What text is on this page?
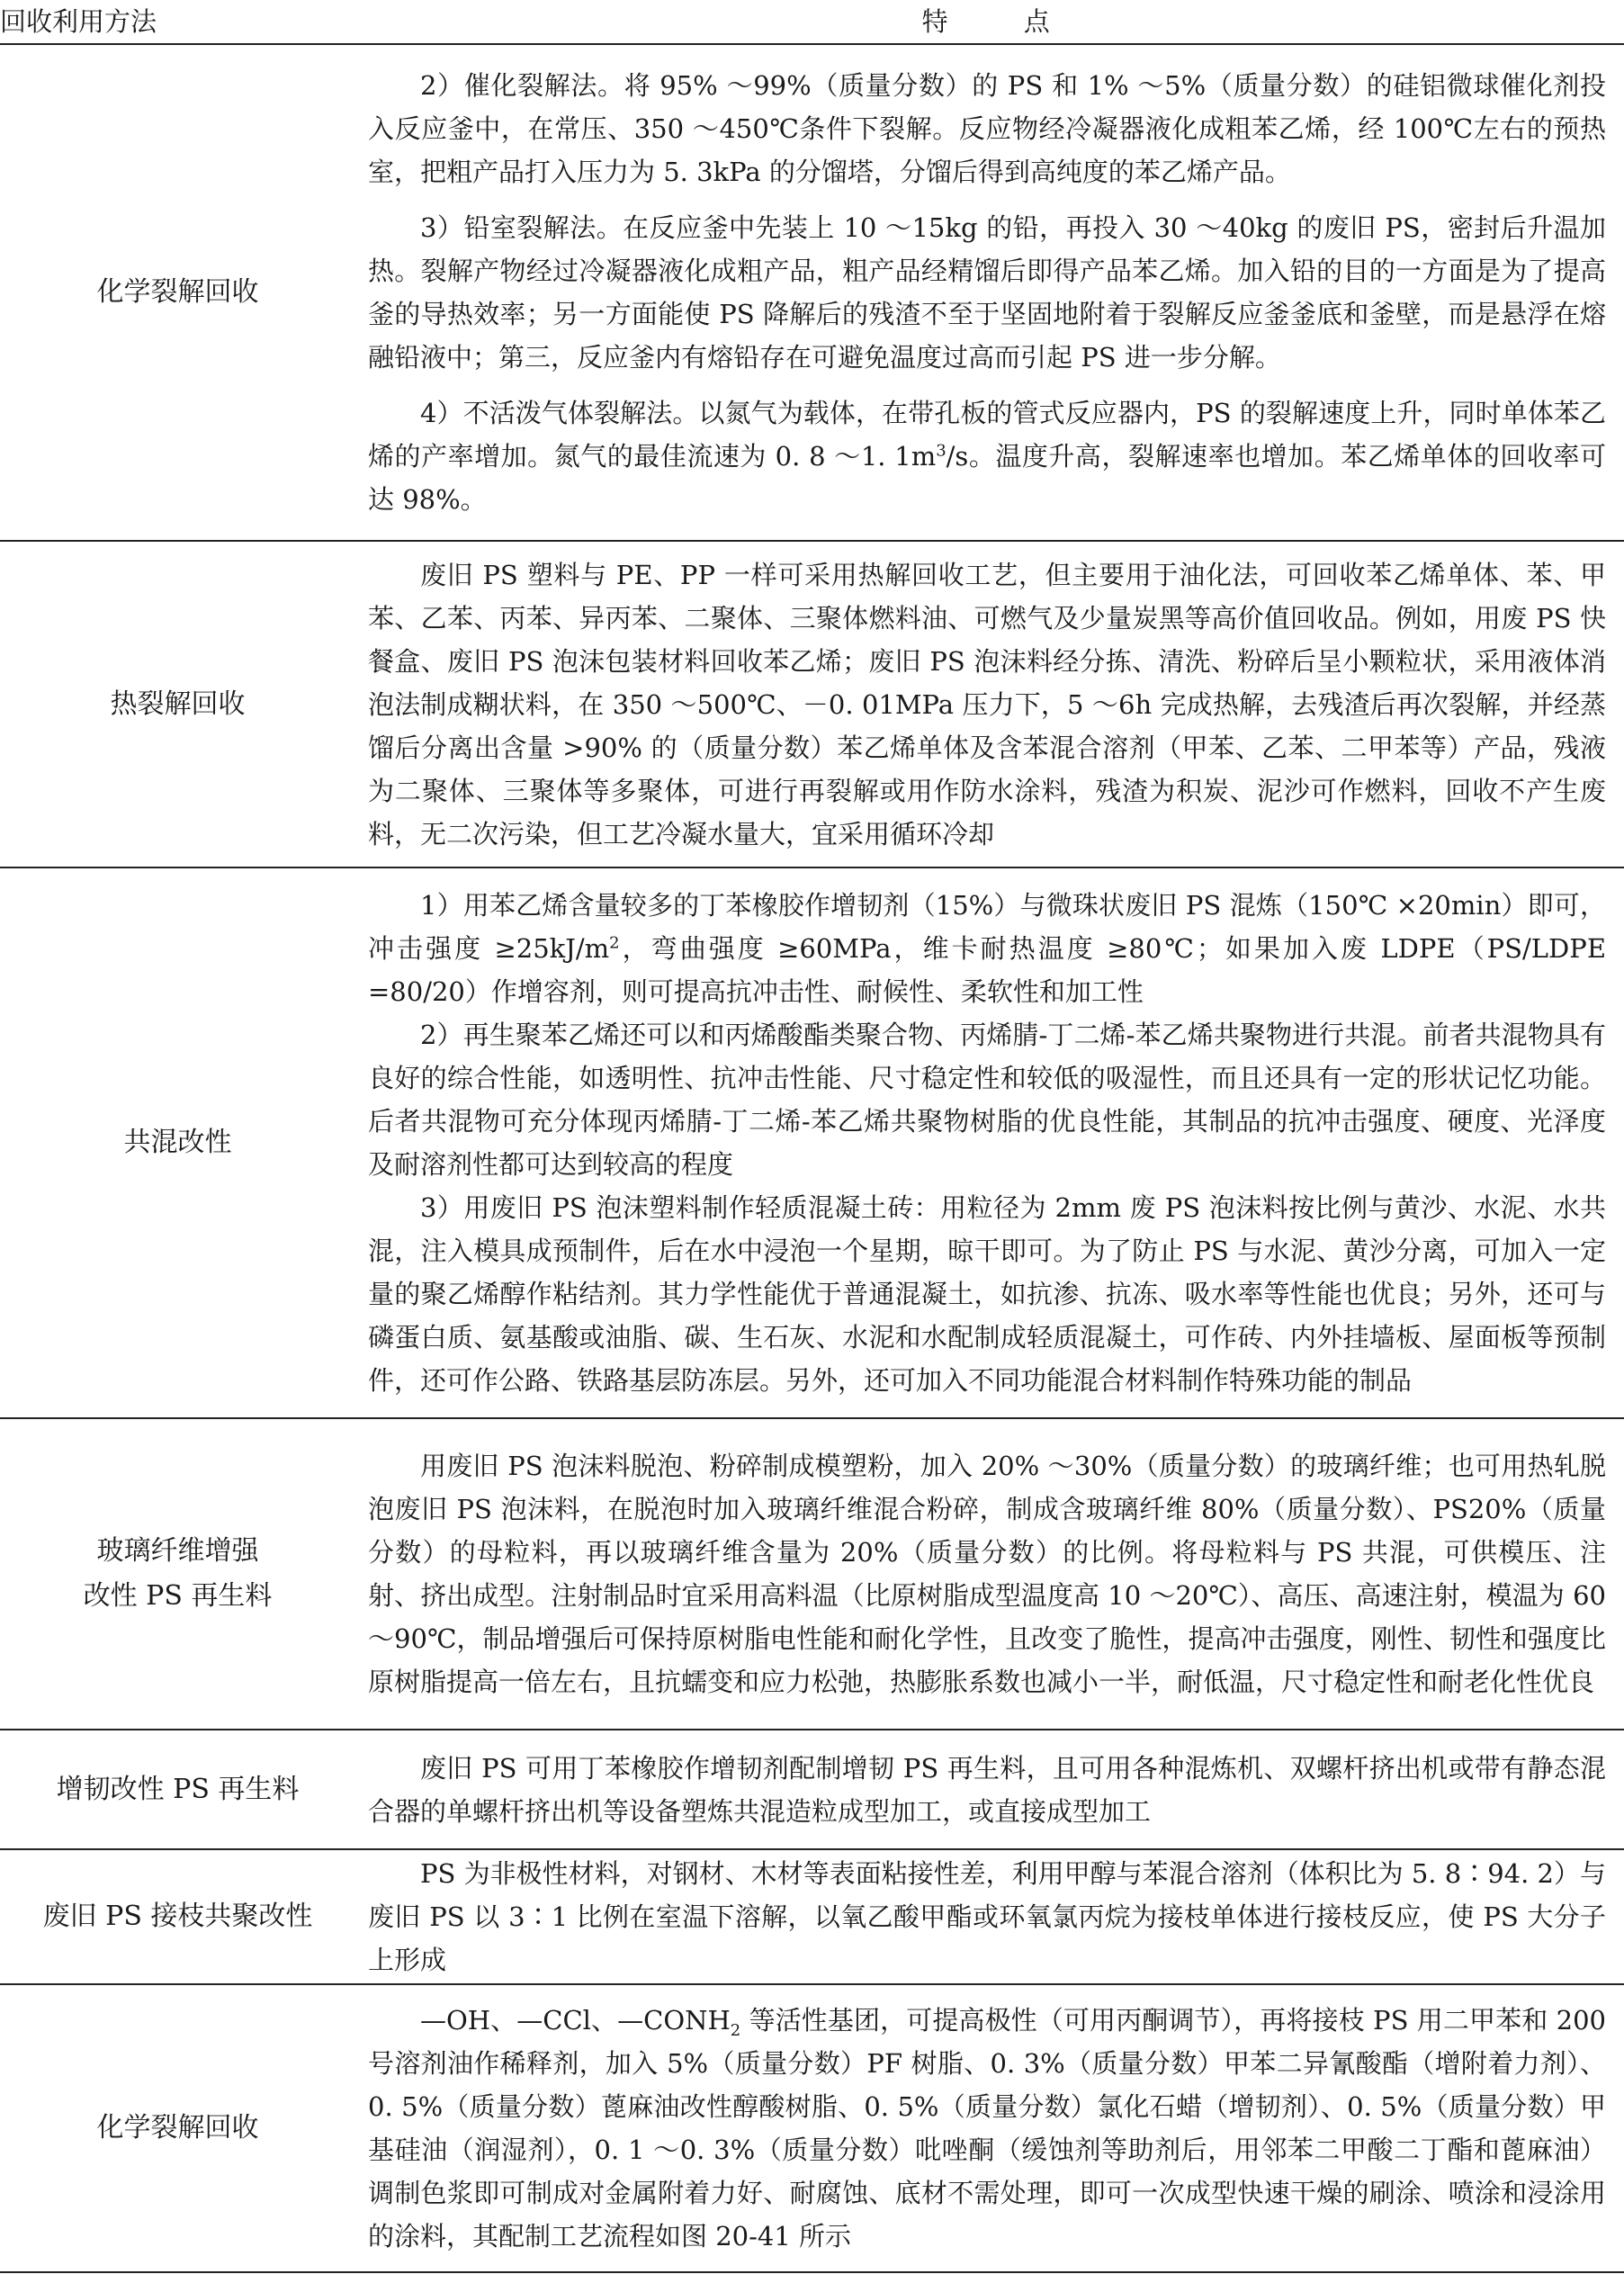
回收利用方法	特　　点
化学裂解回收	2）催化裂解法。将 95% ～99%（质量分数）的 PS 和 1% ～5%（质量分数）的硅铝微球催化剂投入反应釜中，在常压、350 ～450℃条件下裂解。反应物经冷凝器液化成粗苯乙烯，经 100℃左右的预热室，把粗产品打入压力为 5. 3kPa 的分馏塔，分馏后得到高纯度的苯乙烯产品。

3）铅室裂解法。在反应釜中先装上 10 ～15kg 的铅，再投入 30 ～40kg 的废旧 PS，密封后升温加热。裂解产物经过冷凝器液化成粗产品，粗产品经精馏后即得产品苯乙烯。加入铅的目的一方面是为了提高釜的导热效率；另一方面能使 PS 降解后的残渣不至于坚固地附着于裂解反应釜釜底和釜壁，而是悬浮在熔融铅液中；第三，反应釜内有熔铅存在可避免温度过高而引起 PS 进一步分解。

4）不活泼气体裂解法。以氮气为载体，在带孔板的管式反应器内，PS 的裂解速度上升，同时单体苯乙烯的产率增加。氮气的最佳流速为 0. 8 ～1. $1m^3/s$。温度升高，裂解速率也增加。苯乙烯单体的回收率可达 98%。

热裂解回收	废旧 PS 塑料与 PE、PP 一样可采用热解回收工艺，但主要用于油化法，可回收苯乙烯单体、苯、甲苯、乙苯、丙苯、异丙苯、二聚体、三聚体燃料油、可燃气及少量炭黑等高价值回收品。例如，用废 PS 快餐盒、废旧 PS 泡沫包装材料回收苯乙烯；废旧 PS 泡沫料经分拣、清洗、粉碎后呈小颗粒状，采用液体消泡法制成糊状料，在 350 ～500℃、－0. 01MPa 压力下，5 ～6h 完成热解，去残渣后再次裂解，并经蒸馏后分离出含量 >90% 的（质量分数）苯乙烯单体及含苯混合溶剂（甲苯、乙苯、二甲苯等）产品，残液为二聚体、三聚体等多聚体，可进行再裂解或用作防水涂料，残渣为积炭、泥沙可作燃料，回收不产生废料，无二次污染，但工艺冷凝水量大，宜采用循环冷却

共混改性	1）用苯乙烯含量较多的丁苯橡胶作增韧剂（15%）与微珠状废旧 PS 混炼（150℃ ×20min）即可，冲击强度 $\ge 25kJ/m^2$，弯曲强度 ≥60MPa，维卡耐热温度 ≥80℃；如果加入废 LDPE（PS/LDPE =80/20）作增容剂，则可提高抗冲击性、耐候性、柔软性和加工性

2）再生聚苯乙烯还可以和丙烯酸酯类聚合物、丙烯腈-丁二烯-苯乙烯共聚物进行共混。前者共混物具有良好的综合性能，如透明性、抗冲击性能、尺寸稳定性和较低的吸湿性，而且还具有一定的形状记忆功能。后者共混物可充分体现丙烯腈-丁二烯-苯乙烯共聚物树脂的优良性能，其制品的抗冲击强度、硬度、光泽度及耐溶剂性都可达到较高的程度

3）用废旧 PS 泡沫塑料制作轻质混凝土砖：用粒径为 2mm 废 PS 泡沫料按比例与黄沙、水泥、水共混，注入模具成预制件，后在水中浸泡一个星期，晾干即可。为了防止 PS 与水泥、黄沙分离，可加入一定量的聚乙烯醇作粘结剂。其力学性能优于普通混凝土，如抗渗、抗冻、吸水率等性能也优良；另外，还可与磷蛋白质、氨基酸或油脂、碳、生石灰、水泥和水配制成轻质混凝土，可作砖、内外挂墙板、屋面板等预制件，还可作公路、铁路基层防冻层。另外，还可加入不同功能混合材料制作特殊功能的制品

玻璃纤维增强
改性 PS 再生料	用废旧 PS 泡沫料脱泡、粉碎制成模塑粉，加入 20% ～30%（质量分数）的玻璃纤维；也可用热轧脱泡废旧 PS 泡沫料，在脱泡时加入玻璃纤维混合粉碎，制成含玻璃纤维 80%（质量分数）、PS20%（质量分数）的母粒料，再以玻璃纤维含量为 20%（质量分数）的比例。将母粒料与 PS 共混，可供模压、注射、挤出成型。注射制品时宜采用高料温（比原树脂成型温度高 10 ～20℃）、高压、高速注射，模温为 60 ～90℃，制品增强后可保持原树脂电性能和耐化学性，且改变了脆性，提高冲击强度，刚性、韧性和强度比原树脂提高一倍左右，且抗蠕变和应力松弛，热膨胀系数也减小一半，耐低温，尺寸稳定性和耐老化性优良

增韧改性 PS 再生料	废旧 PS 可用丁苯橡胶作增韧剂配制增韧 PS 再生料，且可用各种混炼机、双螺杆挤出机或带有静态混合器的单螺杆挤出机等设备塑炼共混造粒成型加工，或直接成型加工

废旧 PS 接枝共聚改性	PS 为非极性材料，对钢材、木材等表面粘接性差，利用甲醇与苯混合溶剂（体积比为 5. 8∶94. 2）与废旧 PS 以 3∶1 比例在室温下溶解，以氧乙酸甲酯或环氧氯丙烷为接枝单体进行接枝反应，使 PS 大分子上形成

化学裂解回收	—OH、—CCl、$—CONH_2$ 等活性基团，可提高极性（可用丙酮调节），再将接枝 PS 用二甲苯和 200 号溶剂油作稀释剂，加入 5%（质量分数）PF 树脂、0. 3%（质量分数）甲苯二异氰酸酯（增附着力剂）、0. 5%（质量分数）蓖麻油改性醇酸树脂、0. 5%（质量分数）氯化石蜡（增韧剂）、0. 5%（质量分数）甲基硅油（润湿剂），0. 1 ～0. 3%（质量分数）吡唑酮（缓蚀剂等助剂后，用邻苯二甲酸二丁酯和蓖麻油）调制色浆即可制成对金属附着力好、耐腐蚀、底材不需处理，即可一次成型快速干燥的刷涂、喷涂和浸涂用的涂料，其配制工艺流程如图 20-41 所示
